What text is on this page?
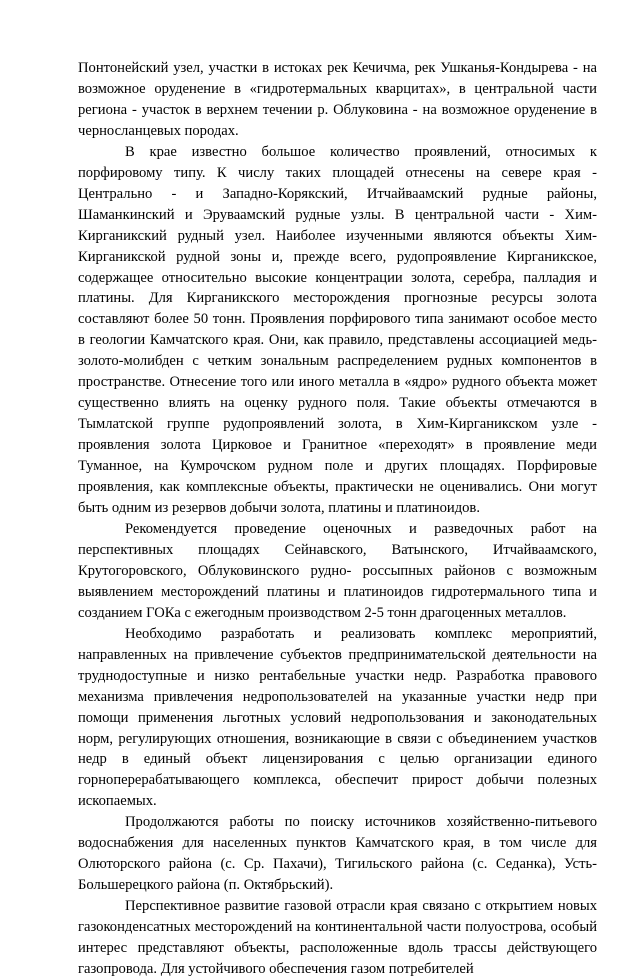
Понтонейский узел, участки в истоках рек Кечичма, рек Ушканья-Кондырева - на возможное оруденение в «гидротермальных кварцитах», в центральной части региона - участок в верхнем течении р. Облуковина - на возможное оруденение в черносланцевых породах.

В крае известно большое количество проявлений, относимых к порфировому типу. К числу таких площадей отнесены на севере края - Центрально - и Западно-Корякский, Итчайваамский рудные районы, Шаманкинский и Эруваамский рудные узлы. В центральной части - Хим-Кирганикский рудный узел. Наиболее изученными являются объекты Хим-Кирганикской рудной зоны и, прежде всего, рудопроявление Кирганикское, содержащее относительно высокие концентрации золота, серебра, палладия и платины. Для Кирганикского месторождения прогнозные ресурсы золота составляют более 50 тонн. Проявления порфирового типа занимают особое место в геологии Камчатского края. Они, как правило, представлены ассоциацией медь-золото-молибден с четким зональным распределением рудных компонентов в пространстве. Отнесение того или иного металла в «ядро» рудного объекта может существенно влиять на оценку рудного поля. Такие объекты отмечаются в Тымлатской группе рудопроявлений золота, в Хим-Кирганикском узле - проявления золота Цирковое и Гранитное «переходят» в проявление меди Туманное, на Кумрочском рудном поле и других площадях. Порфировые проявления, как комплексные объекты, практически не оценивались. Они могут быть одним из резервов добычи золота, платины и платиноидов.

Рекомендуется проведение оценочных и разведочных работ на перспективных площадях Сейнавского, Ватынского, Итчайваамского, Крутогоровского, Облуковинского рудно- россыпных районов с возможным выявлением месторождений платины и платиноидов гидротермального типа и созданием ГОКа с ежегодным производством 2-5 тонн драгоценных металлов.

Необходимо разработать и реализовать комплекс мероприятий, направленных на привлечение субъектов предпринимательской деятельности на труднодоступные и низко рентабельные участки недр. Разработка правового механизма привлечения недропользователей на указанные участки недр при помощи применения льготных условий недропользования и законодательных норм, регулирующих отношения, возникающие в связи с объединением участков недр в единый объект лицензирования с целью организации единого горноперерабатывающего комплекса, обеспечит прирост добычи полезных ископаемых.

Продолжаются работы по поиску источников хозяйственно-питьевого водоснабжения для населенных пунктов Камчатского края, в том числе для Олюторского района (с. Ср. Пахачи), Тигильского района (с. Седанка), Усть-Большерецкого района (п. Октябрьский).

Перспективное развитие газовой отрасли края связано с открытием новых газоконденсатных месторождений на континентальной части полуострова, особый интерес представляют объекты, расположенные вдоль трассы действующего газопровода. Для устойчивого обеспечения газом потребителей
